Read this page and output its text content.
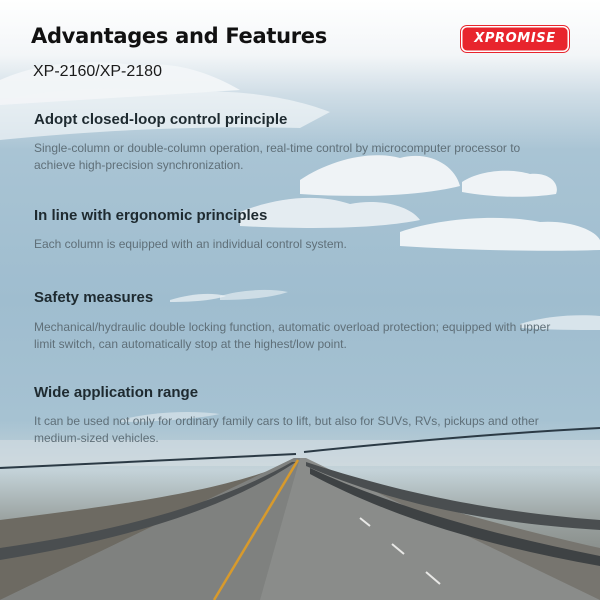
Advantages and Features
XP-2160/XP-2180
XPROMISE
Adopt closed-loop control principle

Single-column or double-column operation, real-time control by microcomputer processor to achieve high-precision synchronization.

In line with ergonomic principles

Each column is equipped with an individual control system.

Safety measures

Mechanical/hydraulic double locking function, automatic overload protection; equipped with upper limit switch, can automatically stop at the highest/low point.

Wide application range

It can be used not only for ordinary family cars to lift, but also for SUVs, RVs, pickups and other medium-sized vehicles.
